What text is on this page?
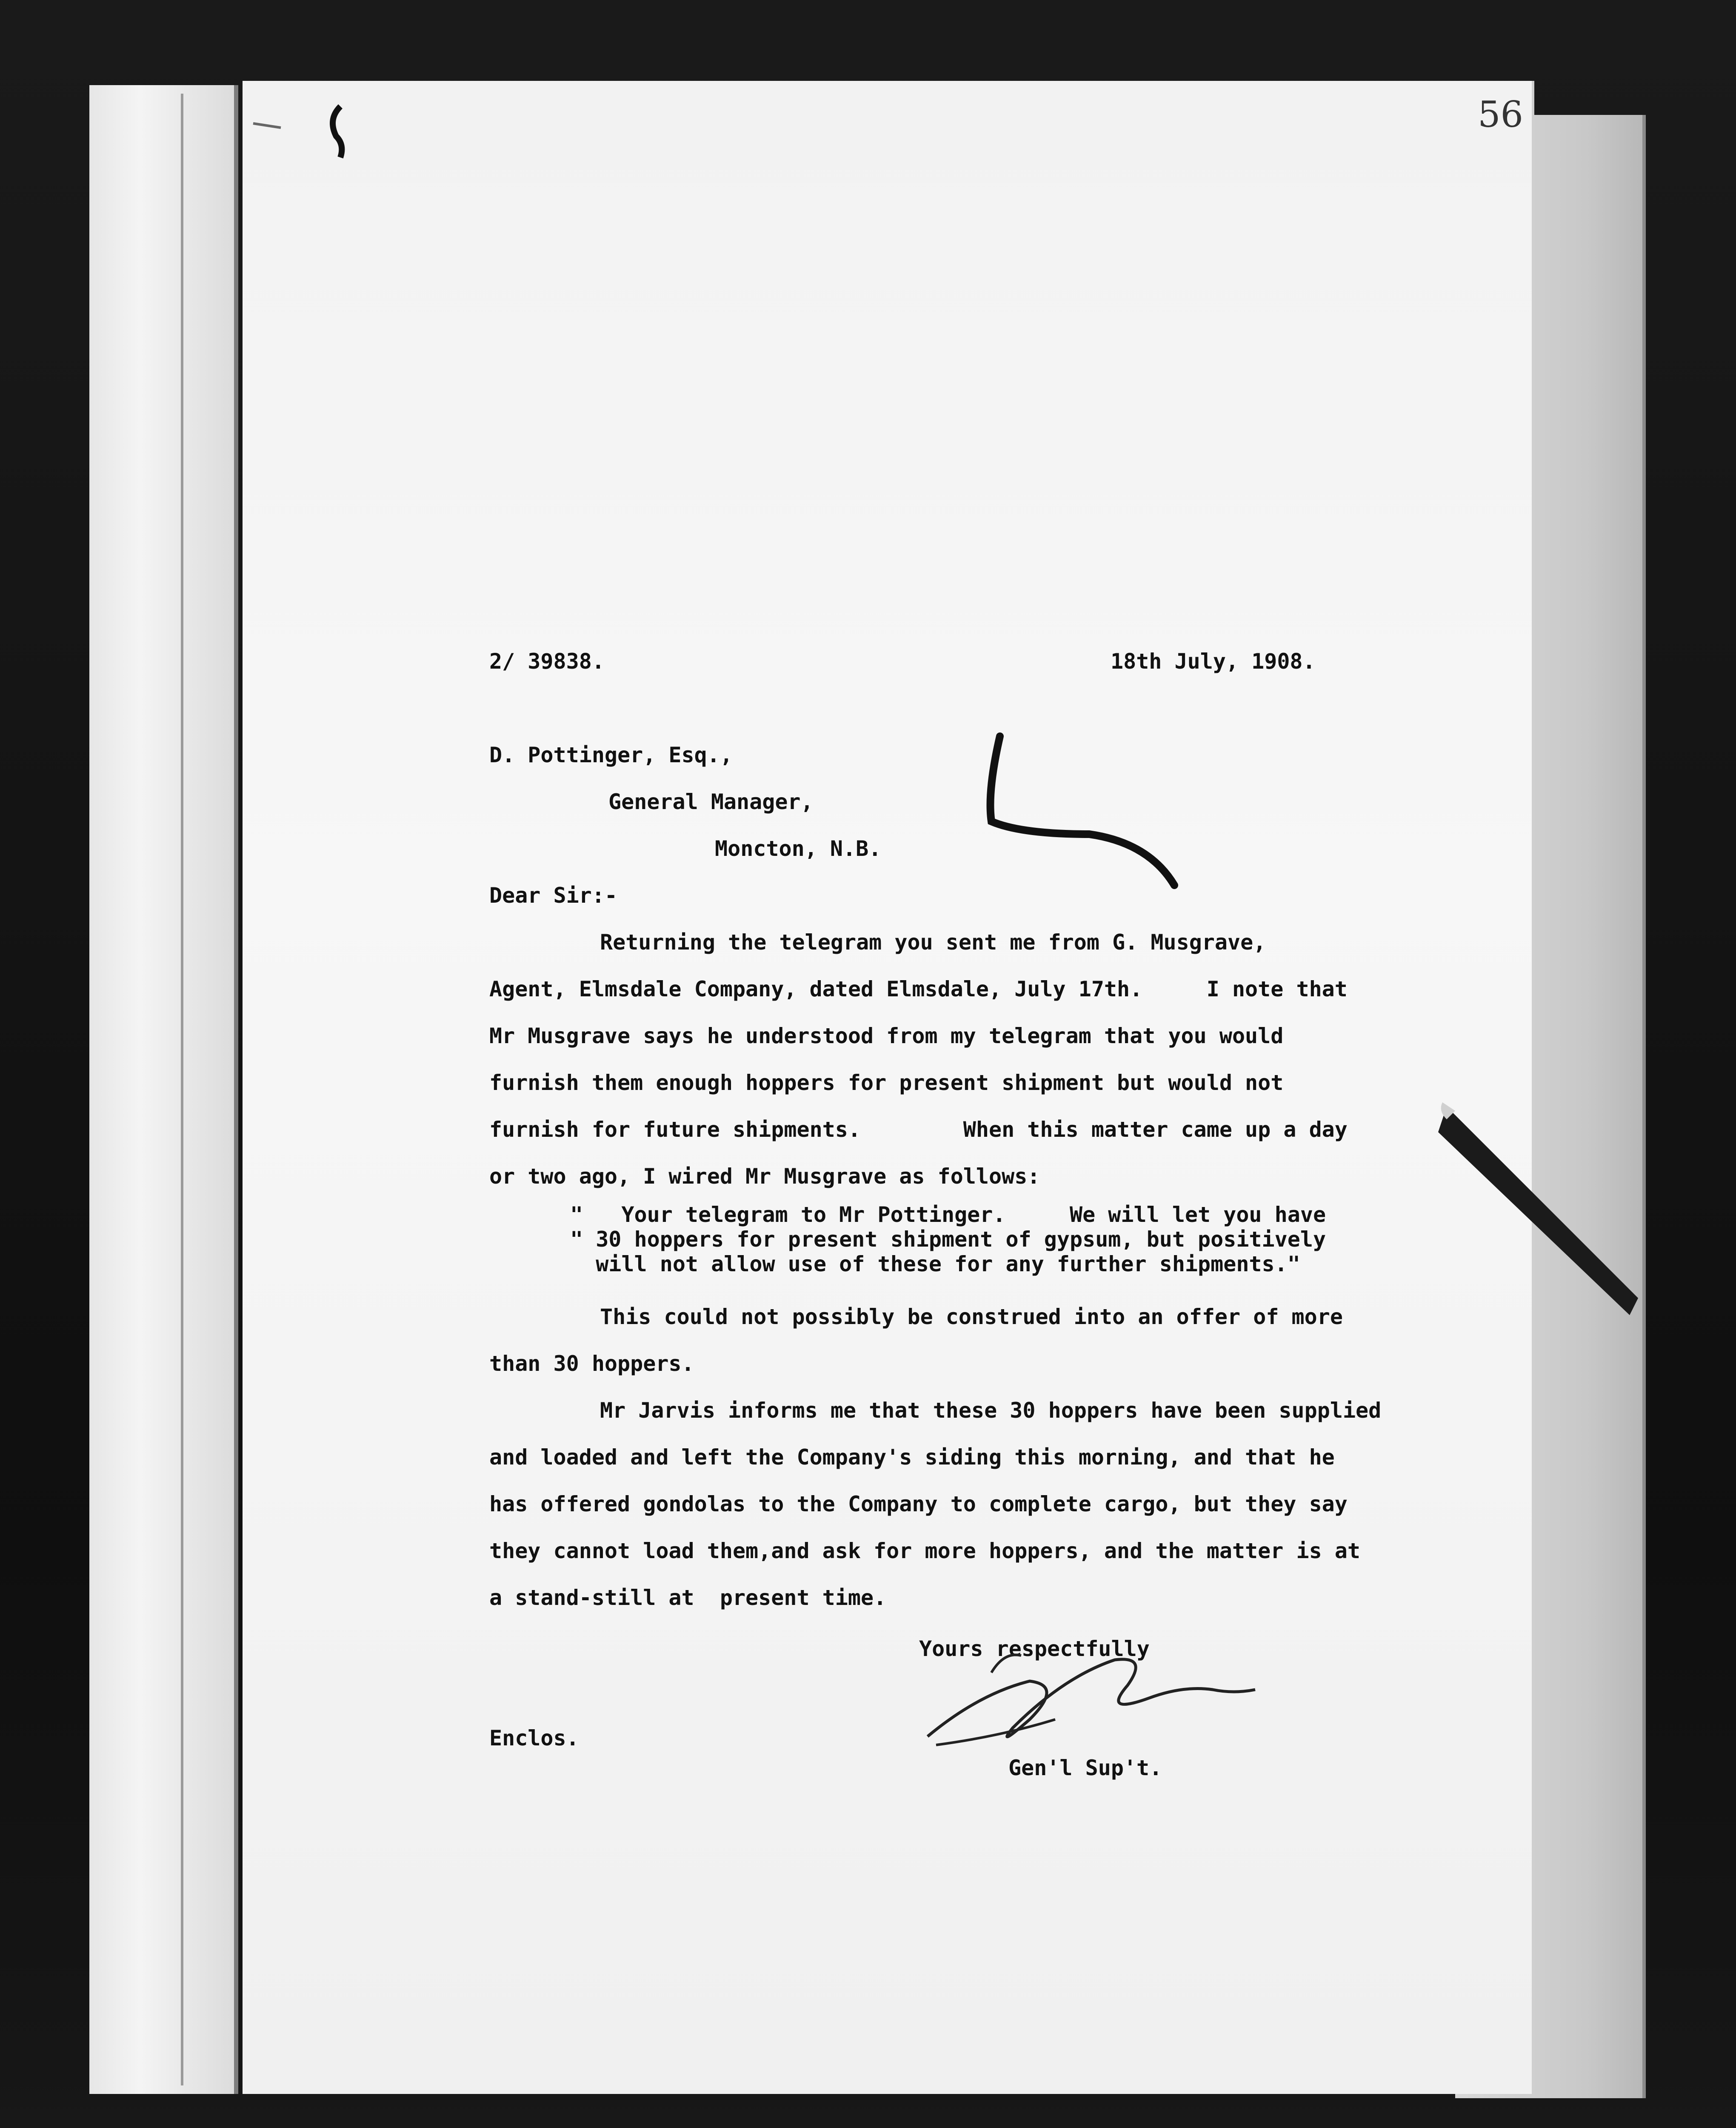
56
2/ 39838.	18th July, 1908.
D. Pottinger, Esq.,
General Manager,
Moncton, N.B.
Dear Sir:-
Returning the telegram you sent me from G. Musgrave,
Agent, Elmsdale Company, dated Elmsdale, July 17th.     I note that
Mr Musgrave says he understood from my telegram that you would
furnish them enough hoppers for present shipment but would not
furnish for future shipments.        When this matter came up a day
or two ago, I wired Mr Musgrave as follows:
"   Your telegram to Mr Pottinger.     We will let you have
" 30 hoppers for present shipment of gypsum, but positively
will not allow use of these for any further shipments."
This could not possibly be construed into an offer of more
than 30 hoppers.
Mr Jarvis informs me that these 30 hoppers have been supplied
and loaded and left the Company's siding this morning, and that he
has offered gondolas to the Company to complete cargo, but they say
they cannot load them,and ask for more hoppers, and the matter is at
a stand-still at  present time.
Yours respectfully
Enclos.
Gen'l Sup't.
